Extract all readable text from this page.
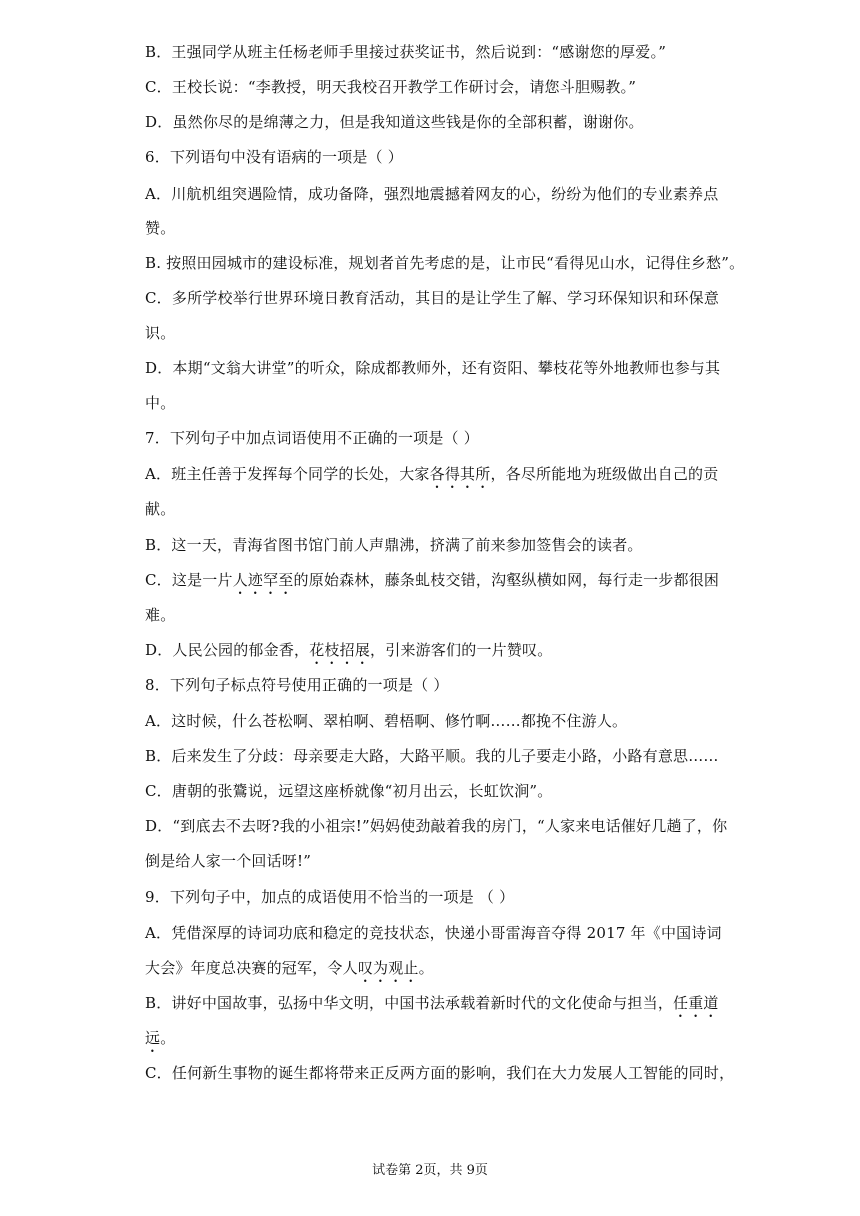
B．王强同学从班主任杨老师手里接过获奖证书，然后说到：“感谢您的厚爱。”
C．王校长说：“李教授，明天我校召开教学工作研讨会，请您斗胆赐教。”
D．虽然你尽的是绵薄之力，但是我知道这些钱是你的全部积蓄，谢谢你。
6．下列语句中没有语病的一项是（ ）
A．川航机组突遇险情，成功备降，强烈地震撼着网友的心，纷纷为他们的专业素养点
赞。
B. 按照田园城市的建设标准，规划者首先考虑的是，让市民“看得见山水，记得住乡愁”。
C．多所学校举行世界环境日教育活动，其目的是让学生了解、学习环保知识和环保意
识。
D．本期“文翁大讲堂”的听众，除成都教师外，还有资阳、攀枝花等外地教师也参与其
中。
7．下列句子中加点词语使用不正确的一项是（ ）
A．班主任善于发挥每个同学的长处，大家各得其所，各尽所能地为班级做出自己的贡
献。
B．这一天，青海省图书馆门前人声鼎沸，挤满了前来参加签售会的读者。
C．这是一片人迹罕至的原始森林，藤条虬枝交错，沟壑纵横如网，每行走一步都很困
难。
D．人民公园的郁金香，花枝招展，引来游客们的一片赞叹。
8．下列句子标点符号使用正确的一项是（ ）
A．这时候，什么苍松啊、翠柏啊、碧梧啊、修竹啊……都挽不住游人。
B．后来发生了分歧：母亲要走大路，大路平顺。我的儿子要走小路，小路有意思……
C．唐朝的张鷟说，远望这座桥就像“初月出云，长虹饮涧”。
D．“到底去不去呀?我的小祖宗!”妈妈使劲敲着我的房门，“人家来电话催好几趟了，你
倒是给人家一个回话呀!”
9．下列句子中，加点的成语使用不恰当的一项是 （ ）
A．凭借深厚的诗词功底和稳定的竞技状态，快递小哥雷海音夺得 2017 年《中国诗词
大会》年度总决赛的冠军，令人叹为观止。
B．讲好中国故事，弘扬中华文明，中国书法承载着新时代的文化使命与担当，任重道
远。
C．任何新生事物的诞生都将带来正反两方面的影响，我们在大力发展人工智能的同时，
试卷第 2页，共 9页
